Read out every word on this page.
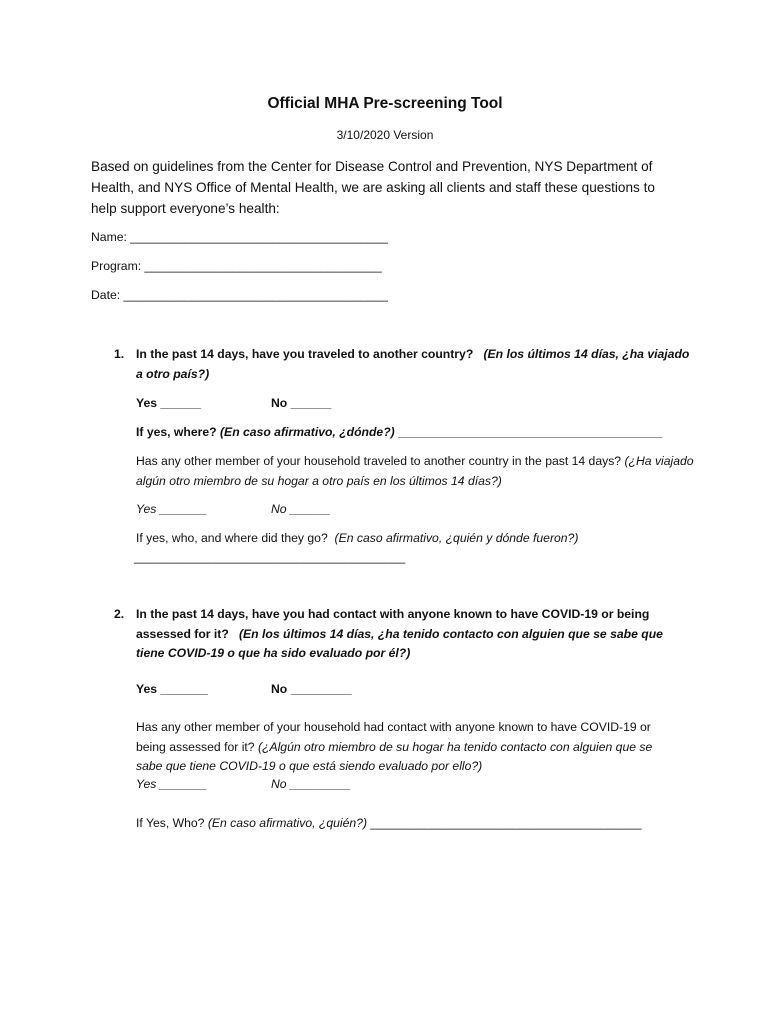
Official MHA Pre-screening Tool
3/10/2020 Version
Based on guidelines from the Center for Disease Control and Prevention, NYS Department of Health, and NYS Office of Mental Health, we are asking all clients and staff these questions to help support everyone’s health:
Name: ______________________________________
Program: ___________________________________
Date: _______________________________________
1. In the past 14 days, have you traveled to another country? (En los últimos 14 días, ¿ha viajado a otro país?)
Yes ______	No ______
If yes, where? (En caso afirmativo, ¿dónde?) _______________________________________
Has any other member of your household traveled to another country in the past 14 days? (¿Ha viajado algún otro miembro de su hogar a otro país en los últimos 14 días?)
Yes _______	No ______
If yes, who, and where did they go? (En caso afirmativo, ¿quién y dónde fueron?)
________________________________________
2. In the past 14 days, have you had contact with anyone known to have COVID-19 or being assessed for it? (En los últimos 14 días, ¿ha tenido contacto con alguien que se sabe que tiene COVID-19 o que ha sido evaluado por él?)
Yes _______	No _________
Has any other member of your household had contact with anyone known to have COVID-19 or being assessed for it? (¿Algún otro miembro de su hogar ha tenido contacto con alguien que se sabe que tiene COVID-19 o que está siendo evaluado por ello?)
Yes _______	No _________
If Yes, Who? (En caso afirmativo, ¿quién?) ________________________________________
